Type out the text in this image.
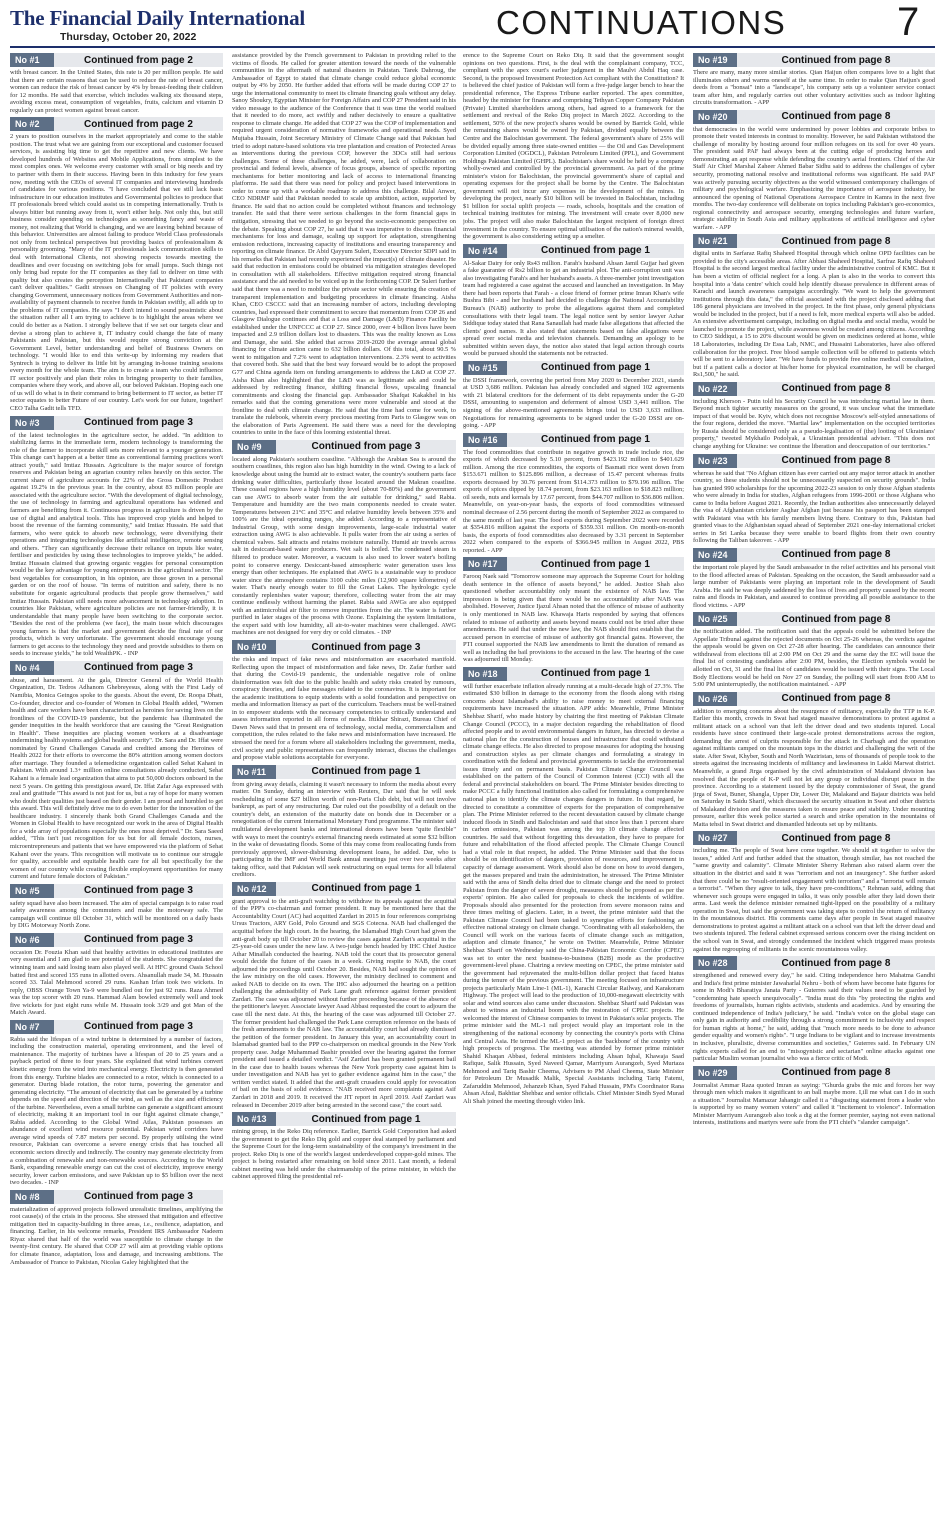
The Financial Daily International
Thursday, October 20, 2022	CONTINUATIONS	7
No #1	Continued from page 2
with breast cancer. In the United States, this rate is 20 per million people. He said that there are certain reasons that can be used to reduce the rate of breast cancer, women can reduce the risk of breast cancer by 4% by breast-feeding their children for 12 months. He said that exercise, which includes walking six thousand steps, avoiding excess meat, consumption of vegetables, fruits, calcium and vitamin D regularly can protect women against breast cancer.
No #2	Continued from page 2
2 years to position ourselves in the market appropriately and come to the stable position. The trust what we are gaining from our exceptional and customer focused services, is assisting big time to get the repetitive and new clients. We have developed hundreds of Websites and Mobile Applications, from simplest to the most complex ones. We welcome every customer with small or big needs and try to partner with them in their success. Having been in this industry for few years now, meeting with the CEOs of several IT companies and interviewing hundreds of candidates for various positions. "I have concluded that we still lack basic infrastructure in our education institutes and Governmental policies to produce that IT professionals breed which could assist us in competing internationally. Truth is always bitter but running away from it, won't either help. Not only this, but still business consider spending on technologies as something fancy and waste of money, not realizing that World is changing, and we are leaving behind because of this behavior. Universities are almost failing to produce World Class professionals not only from technical perspectives but providing basics of professionalism & personality grooming. "Many of the IT professionals lack communication skills to deal with International Clients, not showing respects towards meeting the deadlines and over focusing on switching jobs for small jumps. Such things not only bring bad repute for the IT companies as they fail to deliver on time with quality but also creates the perception Internationally that Pakistani companies can't deliver qualities." Gadit stresses on Changing of IT policies with every changing Government, unnecessary notices from Government Authorities and non-availability of payment channels to receive funds in Pakistan swiftly, all adds up to the problems of IT companies. He says "I don't intend to sound pessimistic about the situation rather all I am trying to achieve is to highlight the areas where we could do better as a Nation. I strongly believe that if we set our targets clear and devise a strong plan to achieve it, IT industry could change the fate of many Pakistanis and Pakistan, but this would require strong conviction at the Government Level, better understanding and belief of Business Owners on technology. "I would like to end this write-up by informing my readers that Syntrech is trying to deliver its little bit by arranging in-house training sessions every month for the whole team. The aim is to create a team who could influence IT sector positively and plan their roles in bringing prosperity to their families, companies where they work, and above all, our beloved Pakistan. Hoping each one of us will do what is in their command to bring betterment to IT sector, as better IT sector equates to better Future of our country. Let's work for our future, together! CEO Talha Gadit tells TFD.
No #3	Continued from page 3
of the latest technologies in the agriculture sector, he added. "In addition to stabilizing farms in the immediate term, modern technology is transforming the role of the farmer to incorporate skill sets more relevant to a younger generation. This change can't happen at a better time as conventional farming practices won't attract youth," said Imtiaz Hussain. Agriculture is the major source of foreign reserves and Pakistan being an agrarian country relies heavily on this sector. The current share of agriculture accounts for 22% of the Gross Domestic Product against 19.2% in the previous year. In the country, about 83 million people are associated with the agriculture sector. "With the development of digital technology, the use of technology in farming and agricultural operations has widened and farmers are benefiting from it. Continuous progress in agriculture is driven by the use of digital and analytical tools. This has improved crop yields and helped to boost the revenue of the farming community," said Imtiaz Hussain. He said that farmers, who were quick to absorb new technology, were diversifying their operations and integrating technologies like artificial intelligence, remote sensing and others. "They can significantly decrease their reliance on inputs like water, fertiliser and pesticides by using these technologies to improve yields," he added. Imtiaz Hussain claimed that growing organic veggies for personal consumption would be the key advantage for young entrepreneurs in the agricultural sector. The best vegetables for consumption, in his opinion, are those grown in a personal garden or on the roof of house. "In terms of nutrition and safety, there is no substitute for organic agricultural products that people grow themselves," said Imtiaz Hussain. Pakistan still needs more advancement in technology adoption. In countries like Pakistan, where agriculture policies are not farmer-friendly, it is understandable that many people have been switching to the corporate sector. "Besides the rest of the problems (we face), the main issue which discourages young farmers is that the market and government decide the final rate of our products, which is very unfortunate. The government should encourage young farmers to get access to the technology they need and provide subsidies to them on seeds to increase yields," he told WealthPK. - INP
No #4	Continued from page 3
abuse, and harassment. At the gala, Director General of the World Health Organization, Dr. Tedros Adhanom Ghebreyesus, along with the First Lady of Namibia, Monica Geingos spoke to the guests. About the event, Dr. Roopa Dhatt, Co-founder, director and co-founder of Women in Global Health added, "Women health and care workers have been characterized as heroines for saving lives on the frontlines of the COVID-19 pandemic, but the pandemic has illuminated the gender inequities in the health workforce that are causing the "Great Resignation in Health". These inequities are placing women workers at a disadvantage undermining health systems and global health security". Dr. Sara and Dr. Iffat were nominated by Grand Challenges Canada and credited among the Heroines of Health 2022 for their efforts to overcome the 80% attrition among women doctors after marriage. They founded a telemedicine organization called Sehat Kahani in Pakistan. With around 1.3+ million online consultations already conducted, Sehat Kahani is a female lead organization that aims to put 50,000 doctors onboard in the next 5 years. On getting this prestigious award, Dr. Iffat Zafar Aga expressed with zeal and gratitude "This award is not just for us, but a ray of hope for many women who doubt their qualities just based on their gender. I am proud and humbled to get this award. This will definitely drive me to do even better for the innovation of the healthcare industry. I sincerely thank both Grand Challenges Canada and the Women in Global Health to have recognized our work in the area of Digital Health for a wide array of populations especially the ones most deprived." Dr. Sara Saeed added, "This isn't just recognition for us but for all female doctors, nurses, microentrepreneurs and patients that we have empowered via the platform of Sehat Kahani over the years. This recognition will motivate us to continue our struggle for quality, accessible and equitable health care for all but specifically for the women of our country while creating flexible employment opportunities for many current and future female doctors of Pakistan."
No #5	Continued from page 3
safety squad have also been increased. The aim of special campaign is to raise road safety awareness among the commuters and make the motorway safe. The campaign will continue till October 31, which will be monitored on a daily basis by DIG Motorway North Zone.
No #6	Continued from page 3
occasion Dr. Fouzia Khan said that healthy activities in educational institutes are very essential and I am glad to see potential of the students. She congratulated the winning team and said losing team also played well. At HFC ground Oasis School batted first and scored 155 runs in allotted overs. Ahsanullah made 34, M. Hussain scored 33. Talal Mehmood scored 29 runs. Kashan Irfan took two wickets. In reply, OBSS Orange Town Ya-9 were bundled out for just 92 runs. Raza Ahmed was the top scorer with 20 runs. Hammad Alam bowled extremely well and took five wickets for just eight runs while M. Hussain took 3/29 and got Man of the Match Award.
No #7	Continued from page 3
Rabia said the lifespan of a wind turbine is determined by a number of factors, including the construction material, operating environment, and the level of maintenance. The majority of turbines have a lifespan of 20 to 25 years and a payback period of three to four years. She explained that wind turbines convert kinetic energy from the wind into mechanical energy. Electricity is then generated from this energy. Turbine blades are connected to a rotor, which is connected to a generator. During blade rotation, the rotor turns, powering the generator and generating electricity. "The amount of electricity that can be generated by a turbine depends on the speed and direction of the wind, as well as the size and efficiency of the turbine. Nevertheless, even a small turbine can generate a significant amount of electricity, making it an important tool in our fight against climate change," Rabia added. According to the Global Wind Atlas, Pakistan possesses an abundance of excellent wind resource potential. Pakistan wind corridors have average wind speeds of 7.87 meters per second. By properly utilising the wind resource, Pakistan can overcome a severe energy crisis that has touched all economic sectors directly and indirectly. The country may generate electricity from a combination of renewable and non-renewable sources. According to the World Bank, expanding renewable energy can cut the cost of electricity, improve energy security, lower carbon emissions, and save Pakistan up to $5 billion over the next two decades. - INP
No #8	Continued from page 3
materialization of approved projects followed unrealistic timelines, amplifying the root cause(s) of the crisis in the process. She stressed that mitigation and effective mitigation tied in capacity-building in three areas, i.e., resilience, adaptation, and financing. Earlier, in his welcome remarks, President IRS Ambassador Nadeem Riyaz shared that half of the world was susceptible to climate change in the twenty-first century. He shared that COP 27 will aim at providing viable options for climate finance, adaptation, loss and damage, and increasing ambitions. The Ambassador of France to Pakistan, Nicolas Galey highlighted that the
assistance provided by the French government to Pakistan in providing relief to the victims of floods. He called for greater attention toward the needs of the vulnerable communities in the aftermath of natural disasters in Pakistan. Tarek Dahroug, the Ambassador of Egypt to stated that climate change could reduce global economic output by 4% by 2050. He further added that efforts will be made during COP 27 to urge the international community to meet its climate financing goals without any delay. Sanoy Shoukry, Egyptian Minister for Foreign Affairs and COP 27 President said in his video message to the audience of the Conference that it was time the world realised that it needed to do more, act swiftly and rather decisively to ensure a qualitative response to climate change. He added that COP 27 was the COP of implementation and required urgent consideration of normative frameworks and operational needs. Syed Mujtaba Hussain, Joint Secretary Ministry of Climate Change said that Pakistan had tried to adopt nature-based solutions via tree plantation and creation of Protected Areas as interventions during the previous COP, however the 3DCs still had serious challenges. Some of these challenges, he added, were, lack of collaboration on provincial and federal levels, absence of focus groups, absence of specific reporting mechanisms for better monitoring and lack of access to international financing platforms. He said that there was need for policy and project based interventions in order to come up with a workable roadmap to address this challenge. Bilal Anwer, CEO NDRMF said that Pakistan needed to scale up ambition, action, supported by finance. He said that no action could be completed without finances and technology transfer. He said that there were serious challenges in the form financial gaps in mitigation, stressing that we needed to go beyond the socio-economic perspective on the debate. Speaking about COP 27, he said that it was imperative to discuss financial mechanisms for loss and damage, scaling up support for adaptation, strengthening emission reductions, increasing capacity of institutions and ensuring transparency and reporting on climate finance. Dr Abid Qayyum Suleri, Executive Director SDPI said in his remarks that Pakistan had recently experienced the impact(s) of climate disaster. He said that reduction in emissions could be obtained via mitigation strategies developed in consultation with all stakeholders. Effective mitigation required strong financial assistance and the aid needed to be voiced up in the forthcoming COP. Dr Suleri further said that there was a need to mobilize the private sector while ensuring the creation of transparent implementation and budgeting procedures in climate financing. Aisha Khan, CEO CSCCC said that an increasing number of actors, including developing countries, had expressed their commitment to secure that momentum from COP 26 and Glasgow Dialogue continues and that a Loss and Damage (L&D) Finance Facility be established under the UNFCCC at COP 27. Since 2000, over 4 billion lives have been impacted and 2.9 trillion dollars lost to disasters. This was the reality known as Loss and Damage, she said. She added that across 2019-2020 the average annual global financing for climate action came to 632 billion dollars. Of this total, about 90.5 % went to mitigation and 7.2% went to adaptation interventions. 2.3% went to activities that covered both. She said that the best way forward would be to adopt the proposed G77 and China agenda item on funding arrangements to address the L&D at COP 27. Aisha Khan also highlighted that the L&D was as legitimate ask and could be addressed by redirecting finance, shifting financial flows, upscaling financial commitments and closing the financial gap. Ambassador Shafqat Kakakhel in his remarks said that the coming generations were more vulnerable and stood at the frontline to deal with climate change. He said that the time had come for work, to translate the rulebook, wherein every precious meeting from Paris to Glasgow was on the elaboration of Paris Agreement. He said there was a need for the developing countries to unite in the face of this looming existential threat.
No #9	Continued from page 3
located along Pakistan's southern coastline. "Although the Arabian Sea is around the southern coastlines, this region also has high humidity in the wind. Owing to a lack of knowledge about using the humid air to extract water, the country's southern parts face drinking water difficulties, particularly those located around the Makran coastline. These coastal regions have a high humidity level (about 70-80%) and the government can use AWG to absorb water from the air suitable for drinking," said Rabia. Temperature and humidity are the two main components needed to create water. Temperatures between 21°C and 35°C and relative humidity levels between 35% and 100% are the ideal operating ranges, she added. According to a representative of Industrial Group, with some design improvements, large-scale industrial water extraction using AWG is also achievable. It pulls water from the air using a series of chemical valves. Salt attracts and retains moisture naturally. Humid air travels across salt in desiccant-based water producers. Wet salt is boiled. The condensed steam is filtered to produce water. Moreover, a vacuum is also used to lower water's boiling point to conserve energy. Desiccant-based atmospheric water generation uses less energy than other techniques. He explained that AWG is a sustainable way to produce water since the atmosphere contains 3100 cubic miles (12,900 square kilometres) of water. That's nearly enough water to fill the Great Lakes. The hydrologic cycle constantly replenishes water vapour; therefore, collecting water from the air may continue endlessly without harming the planet. Rabia said AWGs are also equipped with an antimicrobial air filter to remove impurities from the air. The water is further purified in later stages of the process with Ozone. Explaining the system limitations, the expert said with low humidity, all air-to-water machines were challenged. AWG machines are not designed for very dry or cold climates. - INP
No #10	Continued from page 3
the risks and impact of fake news and misinformation are exacerbated manifold. Reflecting upon the impact of misinformation and fake news, Dr. Zafar further said that during the Covid-19 pandemic, the undeniable negative role of online disinformation was felt due to the public health and safety risks created by rumours, conspiracy theories, and false messages related to the coronavirus. It is important for the academic institutions to equip students with a solid foundation and perspective on media and information literacy as part of the curriculum. Teachers must be well-trained in to empower students with the necessary competencies to critically understand and assess information reported in all forms of media. Iftikhar Shirazi, Bureau Chief of Dawn News said that in present era of technology, social media, commercialism and competition, the rules related to the fake news and misinformation have increased. He stressed the need for a forum where all stakeholders including the government, media, civil society and public representatives can frequently interact, discuss the challenges and propose viable solutions acceptable for everyone.
No #11	Continued from page 1
from giving away details, claiming it wasn't necessary to inform the media about every matter. On Sunday, during an interview with Reuters, Dar said that he will seek rescheduling of some $27 billion worth of non-Paris Club debt, but will not involve bankrupt, as part of any restructuring. Dar ruled out the possibility of a default on the country's debt, an extension of the maturity date on bonds due in December or a renegotiation of the current International Monetary Fund programme. The minister said multilateral development banks and international donors have been "quite flexible" with ways to meet the country's external financing needs estimated at some $32 billion in the wake of devastating floods. Some of this may come from reallocating funds from previously approved, slower-disbursing development loans, he added. Dar, who is participating in the IMF and World Bank annual meetings just over two weeks after taking office, said that Pakistan will seek restructuring on equal terms for all bilateral creditors.
No #12	Continued from page 1
grant approval to the anti-graft watchdog to withdraw its appeals against the acquittal of the PPP's co-chairman and former president. It may be mentioned here that the Accountability Court (AC) had acquitted Zardari in 2015 in four references comprising Ursus Tractors, ARY Gold, Polo Ground and SGS Cotecna. NAB had challenged the acquittal before the high court. In the hearing, the Islamabad High Court had given the anti-graft body up till October 20 to review the cases against Zardari's acquittal in the 25-year-old cases under the new law. A two-judge bench headed by IHC Chief Justice Athar Minallah conducted the hearing. NAB told the court that its prosecutor general would decide the future of the cases in a week. Giving respite to NAB, the court adjourned the proceedings until October 20. Besides, NAB had sought the opinion of the law ministry on the old cases. However, the ministry declined to comment and asked NAB to decide on its own. The IHC also adjourned the hearing on a petition challenging the admissibility of Park Lane graft reference against former president Zardari. The case was adjourned without further proceeding because of the absence of the petitioner's lawyer. Associate lawyer Asad Abbasi requested the court to adjourn the case till the next date. At this, the hearing of the case was adjourned till October 27. The former president had challenged the Park Lane corruption reference on the basis of the fresh amendments to the NAB law. The accountability court had already dismissed the petition of the former president. In January this year, an accountability court in Islamabad granted bail to the PPP co-chairperson on medical grounds in the New York property case. Judge Muhammad Bashir presided over the hearing against the former president and issued a detailed verdict. "Asif Zardari has been granted permanent bail in the case due to health issues whereas the New York property case against him is under investigation and NAB has yet to gather evidence against him in the case," the written verdict stated. It added that the anti-graft crusaders could apply for revocation of bail on the basis of solid evidence. "NAB received more complaints against Asif Zardari in 2018 and 2019. It received the JIT report in April 2019. Asif Zardari was released in December 2019 after being arrested in the second case," the court said.
No #13	Continued from page 1
mining group, in the Reko Diq reference. Earlier, Barrick Gold Corporation had asked the government to get the Reko Diq gold and copper deal stamped by parliament and the Supreme Court for the long-term sustainability of the company's investment in the project. Reko Diq is one of the world's largest underdeveloped copper-gold mines. The project is being restarted after remaining on hold since 2011. Last month, a federal cabinet meeting was held under the chairmanship of the prime minister, in which the cabinet approved filing the presidential ref-
erence to the Supreme Court on Reko Diq. It said that the government sought opinions on two questions. First, is the deal with the complainant company, TCC, compliant with the apex court's earlier judgment in the Maulvi Abdul Haq case. Second, is the proposed Investment Protection Act compliant with the Constitution? It is believed the chief justice of Pakistan will form a five-judge larger bench to hear the presidential reference, The Express Tribune earlier reported. The apex committee, headed by the minister for finance and comprising Tethyan Copper Company Pakistan (Private) Limited shareholders among others, had agreed to a framework for the settlement and revival of the Reko Diq project in March 2022. According to the settlement, 50% of the new project's shares would be owned by Barrick Gold, while the remaining shares would be owned by Pakistan, divided equally between the Centre and the Balochistan government. The federal government's share of 25% will be divided equally among three state-owned entities — the Oil and Gas Development Corporation Limited (OGDCL), Pakistan Petroleum Limited (PPL), and Government Holdings Pakistan Limited (GHPL). Balochistan's share would be held by a company wholly-owned and controlled by the provincial government. As part of the prime minister's vision for Balochistan, the provincial government's share of capital and operating expenses for the project shall be borne by the Centre. The Balochistan government will not incur any expenses in the development of the mines. In developing the project, nearly $10 billion will be invested in Balochistan, including $1 billion for social uplift projects — roads, schools, hospitals and the creation of technical training institutes for mining. The investment will create over 8,000 new jobs. The project will also make Balochistan the largest recipient of foreign direct investment in the country. To ensure optimal utilisation of the nation's mineral wealth, the government is also considering setting up a smelter.
No #14	Continued from page 1
Al-Sakar Dairy for only Rs43 million. Farah's husband Ahsan Jamil Gujjar had given a fake guarantee of Rs2 billion to get an industrial plot. The anti-corruption unit was also investigating Farah's and her husband's assets. A three-member joint investigation team had registered a case against the accused and launched an investigation. In May there had been reports that Farah - a close friend of former prime Imran Khan's wife Bushra Bibi - and her husband had decided to challenge the National Accountability Bureau's (NAB) authority to probe the allegations against them and completed consultations with their legal team. The legal notice sent by senior lawyer Azhar Siddique today stated that Rana Sanaullah had made false allegations that affected the clients' good names. It also stated that statements based on false allegations were spread over social media and television channels. Demanding an apology to be submitted within seven days, the notice also stated that legal action through courts would be pursued should the statements not be retracted.
No #15	Continued from page 1
the DSSI framework, covering the period from May 2020 to December 2021, stands at USD 3,686 million. Pakistan has already concluded and signed 102 agreements with 21 bilateral creditors for the deferment of its debt repayments under the G-20 DSSI, amounting to suspension and deferment of almost USD 3,441 million. The signing of the above-mentioned agreements brings total to USD 3,633 million. Negotiations for remaining agreements to be signed under the G-20 DSSI are on-going. - APP
No #16	Continued from page 1
The food commodities that contribute in negative growth in trade include rice, the exports of which decreased by 5.10 percent, from $423.192 million to $401.629 million. Among the rice commodities, the exports of Basmati rice went down from $153.671 million to $125.896 million, a decrease of 15.47 percent whereas fruits exports decreased by 30.76 percent from $114.373 million to $79.196 million. The exports of spices dipped by 18.74 percent, from $23.163 million to $18.823 million; oil seeds, nuts and kernals by 17.67 percent, from $44.707 million to $36.806 million. Meanwhile, on year-on-year basis, the exports of food commodities witnessed nominal decrease of 2.56 percent during the month of September 2022 as compared to the same month of last year. The food exports during September 2022 were recorded at $354.816 million against the exports of $359.331 million. On month-on-month basis, the exports of food commodities also decreased by 3.31 percent in September 2022 when compared to the exports of $366.945 million in August 2022, PBS reported. - APP
No #17	Continued from page 1
Farooq Naek said "Tomorrow someone may approach the Supreme Court for holding death sentence in the offence of assets beyond," he added. Justice Shah also questioned whether accountability only meant the existence of NAB law. The impression is being given that there would be no accountability after NAB was abolished. However, Justice Ijazul Ahsan noted that the offence of misuse of authority is only mentioned in NAB law. Khawaja Haris responded by saying that offences related to misuse of authority and assets beyond means could not be tried after these amendments. He said that under the new law, the NAB should first establish that the accused person in exercise of misuse of authority got financial gains. However, the PTI counsel supported the NAB law amendments to limit the duration of remand as well as including the bail provisions to the accused in the law. The hearing of the case was adjourned till Monday.
No #18	Continued from page 1
will further exacerbate inflation already running at a multi-decade high of 27.3%. The estimated $30 billion in damage to the economy from the floods along with rising concerns about Islamabad's ability to raise money to meet external financing requirements have increased the situation. APP adds: Meanwhile, Prime Minister Shehbaz Sharif, who made history by chairing the first meeting of Pakistan Climate Change Council (PCCC), in a major decision regarding the rehabilitation of flood affected people and to avoid environmental dangers in future, has directed to devise a national plan for the construction of houses and infrastructure that could withstand climate change effects. He also directed to propose measures for adopting the housing and construction styles as per climate changes and formulating a strategy in coordination with the federal and provincial governments to tackle the environmental issues timely and on permanent basis. Pakistan Climate Change Council was established on the pattern of the Council of Common Interest (CCI) with all the federal and provincial stakeholders on board. The Prime Minister besides directing to make PCCC a fully functional institution also called for formulating a comprehensive national plan to identify the climate changes dangers in future. In that regard, he directed to constitute a committee of experts for the preparation of comprehensive plan. The Prime Minister referred to the recent devastation caused by climate change induced floods in Sindh and Balochistan and said that since less than 1 percent share in carbon emissions, Pakistan was among the top 10 climate change affected countries. He said that without forgetting this devastation, they have to prepare for future and rehabilitation of the flood affected people. The Climate Change Council had a vital role in that respect, he added. The Prime Minister said that the focus should be on identification of dangers, provision of resources, and improvement in capacity of damage assessment. Work should also be done on how to avoid dangers, get the masses prepared and train the administration, he stressed. The Prime Minister said with the area of Sindh delta dried due to climate change and the need to protect Pakistan from the danger of severe drought, measures should be proposed as per the experts' opinion. He also called for proposals to check the incidents of wildfire. Proposals should also presented for the protection from severe monsoon rains and three times melting of glaciers. Later, in a tweet, the prime minister said that the Pakistan Climate Council had been tasked to synergise efforts for fashioning an effective national strategy on climate change. "Coordinating with all stakeholders, the Council will work on the various facets of climate change such as mitigation, adaption and climate finance," he wrote on Twitter. Meanwhile, Prime Minister Shehbaz Sharif on Wednesday said the China-Pakistan Economic Corridor (CPEC) was set to enter the next business-to-business (B2B) mode as the productive government-level phase. Chairing a review meeting on CPEC, the prime minister said the government had rejuvenated the multi-billion dollar project that faced hiatus during the tenure of the previous government. The meeting focused on infrastructure projects particularly Main Line-1 (ML-1), Karachi Circular Railway, and Karakoram Highway. The project will lead to the production of 10,000-megawatt electricity with solar and wind sources also came under discussion. Shehbaz Sharif said Pakistan was about to witness an industrial boom with the restoration of CPEC projects. He welcomed the interest of Chinese companies to invest in Pakistan's solar projects. The prime minister said the ML-1 rail project would play an important role in the strengthening of the national economy by connecting the country's ports with China and Central Asia. He termed the ML-1 project as the 'backbone' of the country with high prospects of progress. The meeting was attended by former prime minister Shahid Khaqan Abbasi, federal ministers including Ahsan Iqbal, Khawaja Saad Rafique, Salik Hussain, Syed Naveed Qamar, Marriyum Aurangzeb, Syed Murtaza Mehmood and Tariq Bashir Cheema, Advisers to PM Ahad Cheema, State Minister for Petroleum Dr Musadik Malik, Special Assistants including Tariq Fatemi, Zafaruddin Mehmood, Jehanzeb Khan, Syed Fahad Hussain, PM's Coordinator Rana Ahsan Afzal, Bakhtiar Shehbaz and senior officials. Chief Minister Sindh Syed Murad Ali Shah joined the meeting through video link.
No #19	Continued from page 8
There are many, many more similar stories. Qian Haijun often compares love to a light that illuminates others and warms oneself at the same time. In order to make Qian Haijun's good deeds from a "bonsai" into a "landscape", his company sets up a volunteer service contact team after him, and regularly carries out other voluntary activities such as indoor lighting circuits transformation. - APP
No #20	Continued from page 8
that democracies in the world were undermined by power lobbies and corporate bribes to promote their vested interests in contrast to morality. However, he said Pakistan withstood the challenge of morality by hosting around four million refugees on its soil for over 40 years. The president said PAF had always been at the cutting edge of producing heroes and demonstrating an apt response while defending the country's aerial frontiers. Chief of the Air Staff Air Chief Marshal Zaheer Ahmed Babar Sidhu said to address the challenges of cyber security, promoting national resolve and institutional reforms was significant. He said PAF was actively pursuing security objectives as the world witnessed contemporary challenges of military and psychological warfare. Emphasizing the importance of aerospace industry, he announced the opening of National Operations Aerospace Centre in Kamra in the next five months. The two-day conference will deliberate on topics including Pakistan's geo-economics, regional connectivity and aerospace security, emerging technologies and future warfare, strategic stability in South Asia and military applications of artificial intelligence and cyber warfare. - APP
No #21	Continued from page 8
digital units in Sarfaraz Rafiq Shaheed Hospital through which online OPD facilities can be provided to the city's accessible areas. After Abbasi Shaheed Hospital, Sarfraz Rafiq Shaheed Hospital is the second largest medical facility under the administrative control of KMC. But it has been a victim of official neglect for a long. A plan is also in the works to convert this hospital into a 'data centre' which could help identify disease prevalence in different areas of Karachi and launch awareness campaigns accordingly. "We want to help the government institutions through this data," the official associated with the project disclosed adding that 186 general physicians are involved in the project. In the first phase, only general physicians would be included in the project, but if a need is felt, more medical experts will also be added. An extensive advertisement campaign, including on digital media and social media, would be launched to promote the project, while awareness would be created among citizens. According to CEO Siddiqui, a 15 to 20% discount would be given on medicines ordered at home, while 18 Laboratories, including Dr Essa Lab, NMC, and Hussaini Laboratories, have also offered collaboration for the project. Free blood sample collection will be offered to patients which will be sent to a laboratory later. "We have funds to provide free online medical consultation, but if a patient calls a doctor at his/her home for physical examination, he will be charged Rs1,500," he said.
No #22	Continued from page 8
including Kherson - Putin told his Security Council he was introducing martial law in them. Beyond much tighter security measures on the ground, it was unclear what the immediate impact of that would be. Kyiv, which does not recognise Moscow's self-styled annexations of the four regions, derided the move. "Martial law" implementation on the occupied territories by Russia should be considered only as a pseudo-legalisation of (the) looting of Ukrainians' property," tweeted Mykhailo Podolyak, a Ukrainian presidential adviser. "This does not change anything for Ukraine: we continue the liberation and deoccupation of our territories."
No #23	Continued from page 8
whereas he said that "No Afghan citizen has ever carried out any major terror attack in another country, so these students should not be unnecessarily suspected on security grounds". India has granted 990 scholarships for the upcoming 2022-23 session to only those Afghan students who were already in India for studies, Afghan refugees from 1996-2001 or those Afghans who came to India before August 2021. Recently, the Indian authorities also unnecessarily delayed the visa of Afghanistan cricketer Asghar Afghan just because his passport has been stamped with Pakistani visa with his family members living there. Contrary to this, Pakistan had granted visas to the Afghanistan squad ahead of September 2021 one-day international cricket series in Sri Lanka because they were unable to board flights from their own country following the Taliban takeover. - APP
No #24	Continued from page 8
the important role played by the Saudi ambassador in the relief activities and his personal visit to the flood affected areas of Pakistan. Speaking on the occasion, the Saudi ambassador said a large number of Pakistanis were playing an important role in the development of Saudi Arabia. He said he was deeply saddened by the loss of lives and property caused by the recent rains and floods in Pakistan, and assured to continue providing all possible assistance to the flood victims. - APP
No #25	Continued from page 8
the notification added. The notification said that the appeals could be submitted before the Appellate Tribunal against the rejected documents on Oct 25-26 whereas, the verdicts against the appeals would be given on Oct 27-28 after hearing. The candidates can announce their withdrawal from elections till at 2:00 PM on Oct 29 and the same day the EC will issue the final list of contesting candidates after 2:00 PM, besides, the Election symbols would be allotted on Oct, 31 and the final list of candidates would be issued with their signs. The Local Body Elections would be held on Nov 27 on Sunday, the polling will start from 8:00 AM to 5:00 PM uninterruptedly, the notification maintained. - APP
No #26	Continued from page 8
addition to emerging concerns about the resurgence of militancy, especially the TTP in K-P. Earlier this month, crowds in Swat had staged massive demonstrations to protest against a militant attack on a school van that left the driver dead and two students injured. Local residents have since continued their large-scale protest demonstrations across the region, demanding the arrest of culprits responsible for the attack in Charbagh and the operation against militants camped on the mountain tops in the district and challenging the writ of the state. After Swat, Khyber, South and North Waziristan, tens of thousands of people took to the streets against the increasing incidents of militancy and lawlessness in Lakki Marwat district. Meanwhile, a grand Jirga organised by the civil administration of Malakand division has resolved that the people of K-P will not let any group or individual disrupt peace in the province. According to a statement issued by the deputy commissioner of Swat, the grand jirga of Swat, Buner, Shangla, Upper Dir, Lower Dir, Malakand and Bajaur districts was held on Saturday in Saidu Sharif, which discussed the security situation in Swat and other districts of Malakand division and the measures taken to ensure peace and stability. Under mounting pressure, earlier this week police started a search and strike operation in the mountains of Matta tehsil in Swat district and dismantled hideouts set up by militants.
No #27	Continued from page 8
including me. The people of Swat have come together. We should sit together to solve the issues," added Arif and further added that the situation, though similar, has not reached the "same gravity and calamity". Climate Minister Sherry Rehman also raised alarm over the situation in the district and said it was "terrorism and not an insurgency". She further asked that there could be no "result-oriented engagement with terrorism" and a "terrorist will remain a terrorist". "When they agree to talk, they have pre-conditions," Rehman said, adding that whenever such groups were engaged in talks, it was only possible after they laid down their arms. Last week the defence minister remained tight-lipped on the possibility of a military operation in Swat, but said the government was taking steps to control the return of militancy in the mountainous district. His comments came days after people in Swat staged massive demonstrations to protest against a militant attack on a school van that left the driver dead and two students injured. The federal cabinet expressed serious concern over the rising incident on the school van in Swat, and strongly condemned the incident which triggered mass protests against the regrouping of militants in the scenic mountainous valley.
No #28	Continued from page 8
strengthened and renewed every day," he said. Citing independence hero Mahatma Gandhi and India's first prime minister Jawaharlal Nehru - both of whom have become hate figures for some in Modi's Bharatiya Janata Party - Guterres said their values need to be guarded by "condemning hate speech unequivocally". "India must do this "by protecting the rights and freedoms of journalists, human rights activists, students and academics. And by ensuring the continued independence of India's judiciary," he said. "India's voice on the global stage can only gain in authority and credibility through a strong commitment to inclusivity and respect for human rights at home," he said, adding that "much more needs to be done to advance gender equality and women's rights". "I urge Indians to be vigilant and to increase investments in inclusive, pluralistic, diverse communities and societies," Guterres said. In February UN rights experts called for an end to "misogynistic and sectarian" online attacks against one particular Muslim woman journalist who was a fierce critic of Modi.
No #29	Continued from page 8
Journalist Ammar Raza quoted Imran as saying: "Ghurda grabs the mic and forces her way through men which makes it significant to an ball maybe more. I,ill me what can I do in such a situation." Journalist Mamazar Jahangir called it a "disgusting statement from a leader who is supported by so many women voters" and called it "incitement to violence". Information Minister Marriyum Aurangzeb also took a dig at the former premier, saying not even national interests, institutions and martyrs were safe from the PTI chief's "slander campaign".
